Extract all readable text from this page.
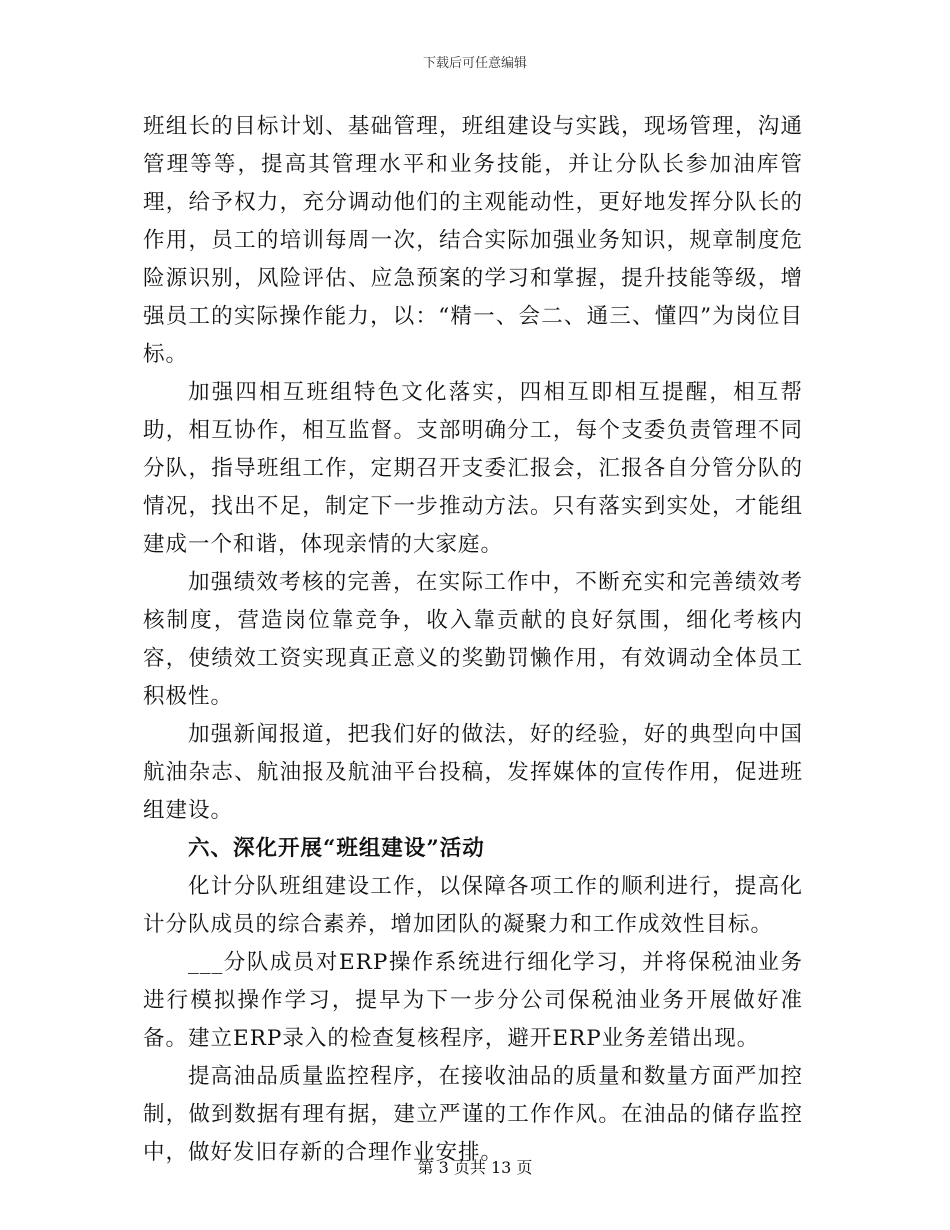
下载后可任意编辑

班组长的目标计划、基础管理，班组建设与实践，现场管理，沟通管理等等，提高其管理水平和业务技能，并让分队长参加油库管理，给予权力，充分调动他们的主观能动性，更好地发挥分队长的作用，员工的培训每周一次，结合实际加强业务知识，规章制度危险源识别，风险评估、应急预案的学习和掌握，提升技能等级，增强员工的实际操作能力，以：“精一、会二、通三、懂四”为岗位目标。

加强四相互班组特色文化落实，四相互即相互提醒，相互帮助，相互协作，相互监督。支部明确分工，每个支委负责管理不同分队，指导班组工作，定期召开支委汇报会，汇报各自分管分队的情况，找出不足，制定下一步推动方法。只有落实到实处，才能组建成一个和谐，体现亲情的大家庭。

加强绩效考核的完善，在实际工作中，不断充实和完善绩效考核制度，营造岗位靠竞争，收入靠贡献的良好氛围，细化考核内容，使绩效工资实现真正意义的奖勤罚懒作用，有效调动全体员工积极性。

加强新闻报道，把我们好的做法，好的经验，好的典型向中国航油杂志、航油报及航油平台投稿，发挥媒体的宣传作用，促进班组建设。

六、深化开展“班组建设”活动

化计分队班组建设工作，以保障各项工作的顺利进行，提高化计分队成员的综合素养，增加团队的凝聚力和工作成效性目标。

___分队成员对ERP操作系统进行细化学习，并将保税油业务进行模拟操作学习，提早为下一步分公司保税油业务开展做好准备。建立ERP录入的检查复核程序，避开ERP业务差错出现。

提高油品质量监控程序，在接收油品的质量和数量方面严加控制，做到数据有理有据，建立严谨的工作作风。在油品的储存监控中，做好发旧存新的合理作业安排。

第 3 页共 13 页
